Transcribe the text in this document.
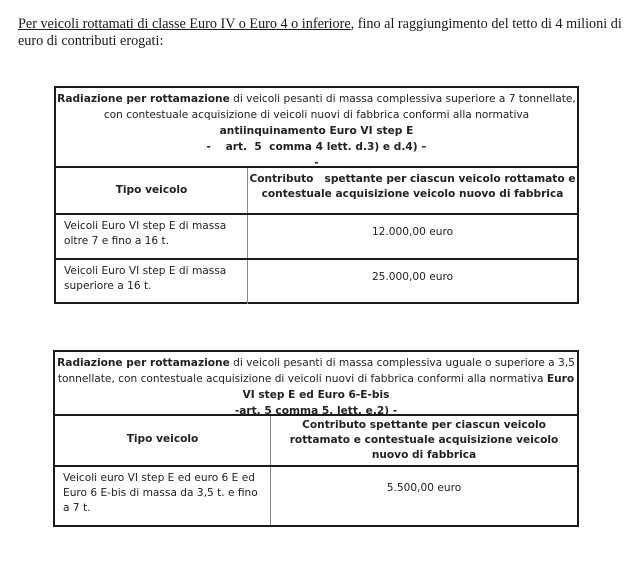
Per veicoli rottamati di classe Euro IV o Euro 4 o inferiore, fino al raggiungimento del tetto di 4 milioni di euro di contributi erogati:
Radiazione per rottamazione di veicoli pesanti di massa complessiva superiore a 7 tonnellate, con contestuale acquisizione di veicoli nuovi di fabbrica conformi alla normativa
antiinquinamento Euro VI step E
-    art.  5  comma 4 lett. d.3) e d.4) –
-
Tipo veicolo
Contributo   spettante per ciascun veicolo rottamato e contestuale acquisizione veicolo nuovo di fabbrica
Veicoli Euro VI step E di massa oltre 7 e fino a 16 t.
12.000,00 euro
Veicoli Euro VI step E di massa superiore a 16 t.
25.000,00 euro
Radiazione per rottamazione di veicoli pesanti di massa complessiva uguale o superiore a 3,5 tonnellate, con contestuale acquisizione di veicoli nuovi di fabbrica conformi alla normativa Euro VI step E ed Euro 6-E-bis
-art. 5 comma 5, lett. e.2) -
Tipo veicolo
Contributo spettante per ciascun veicolo rottamato e contestuale acquisizione veicolo nuovo di fabbrica
Veicoli euro VI step E ed euro 6 E ed Euro 6 E-bis di massa da 3,5 t. e fino a 7 t.
5.500,00 euro
